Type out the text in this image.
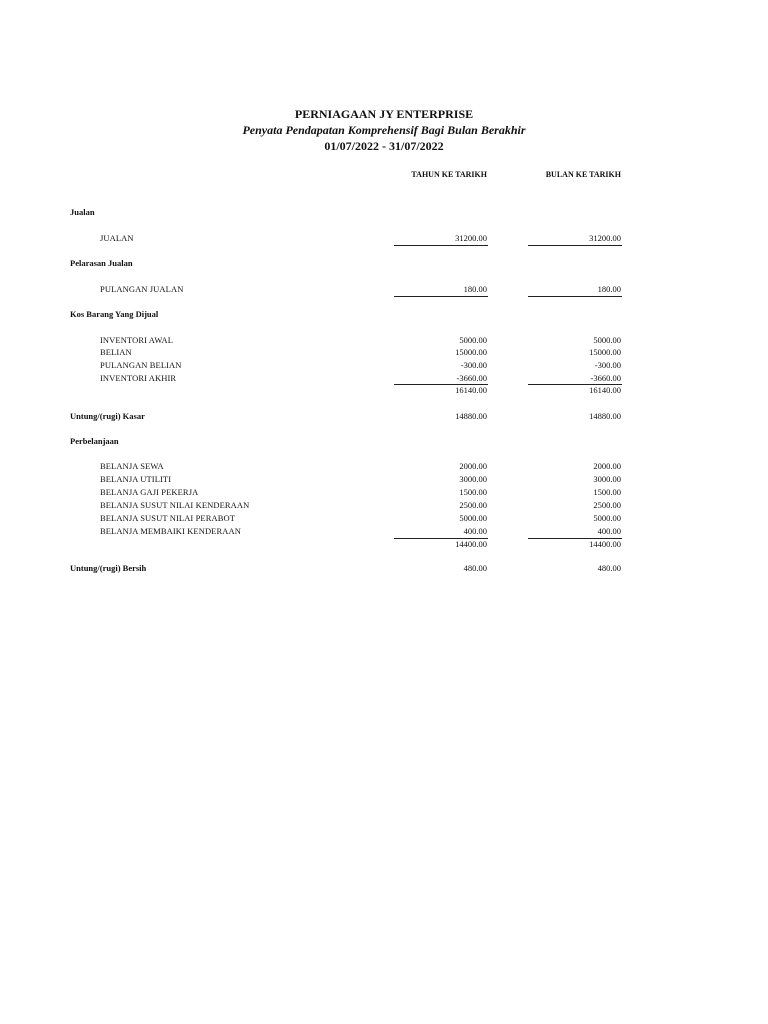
PERNIAGAAN JY ENTERPRISE
Penyata Pendapatan Komprehensif Bagi Bulan Berakhir
01/07/2022 - 31/07/2022
TAHUN KE TARIKH	BULAN KE TARIKH
Jualan
JUALAN	31200.00	31200.00
Pelarasan Jualan
PULANGAN JUALAN	180.00	180.00
Kos Barang Yang Dijual
INVENTORI AWAL	5000.00	5000.00
BELIAN	15000.00	15000.00
PULANGAN BELIAN	-300.00	-300.00
INVENTORI AKHIR	-3660.00	-3660.00
16140.00	16140.00
Untung/(rugi) Kasar	14880.00	14880.00
Perbelanjaan
BELANJA SEWA	2000.00	2000.00
BELANJA UTILITI	3000.00	3000.00
BELANJA GAJI PEKERJA	1500.00	1500.00
BELANJA SUSUT NILAI KENDERAAN	2500.00	2500.00
BELANJA SUSUT NILAI PERABOT	5000.00	5000.00
BELANJA MEMBAIKI KENDERAAN	400.00	400.00
14400.00	14400.00
Untung/(rugi) Bersih	480.00	480.00
